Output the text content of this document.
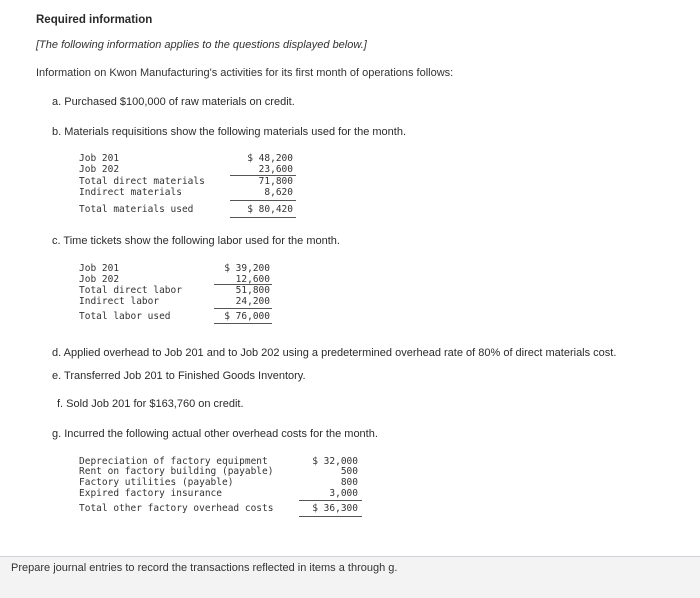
Required information
[The following information applies to the questions displayed below.]
Information on Kwon Manufacturing's activities for its first month of operations follows:
a. Purchased $100,000 of raw materials on credit.
b. Materials requisitions show the following materials used for the month.
Job 201
Job 202
Total direct materials
Indirect materials
Total materials used
$ 48,200
23,600
71,800
8,620
$ 80,420
c. Time tickets show the following labor used for the month.
Job 201
Job 202
Total direct labor
Indirect labor
Total labor used
$ 39,200
12,600
51,800
24,200
$ 76,000
d. Applied overhead to Job 201 and to Job 202 using a predetermined overhead rate of 80% of direct materials cost.
e. Transferred Job 201 to Finished Goods Inventory.
f. Sold Job 201 for $163,760 on credit.
g. Incurred the following actual other overhead costs for the month.
Depreciation of factory equipment
Rent on factory building (payable)
Factory utilities (payable)
Expired factory insurance
Total other factory overhead costs
$ 32,000
500
800
3,000
$ 36,300
Prepare journal entries to record the transactions reflected in items a through g.
